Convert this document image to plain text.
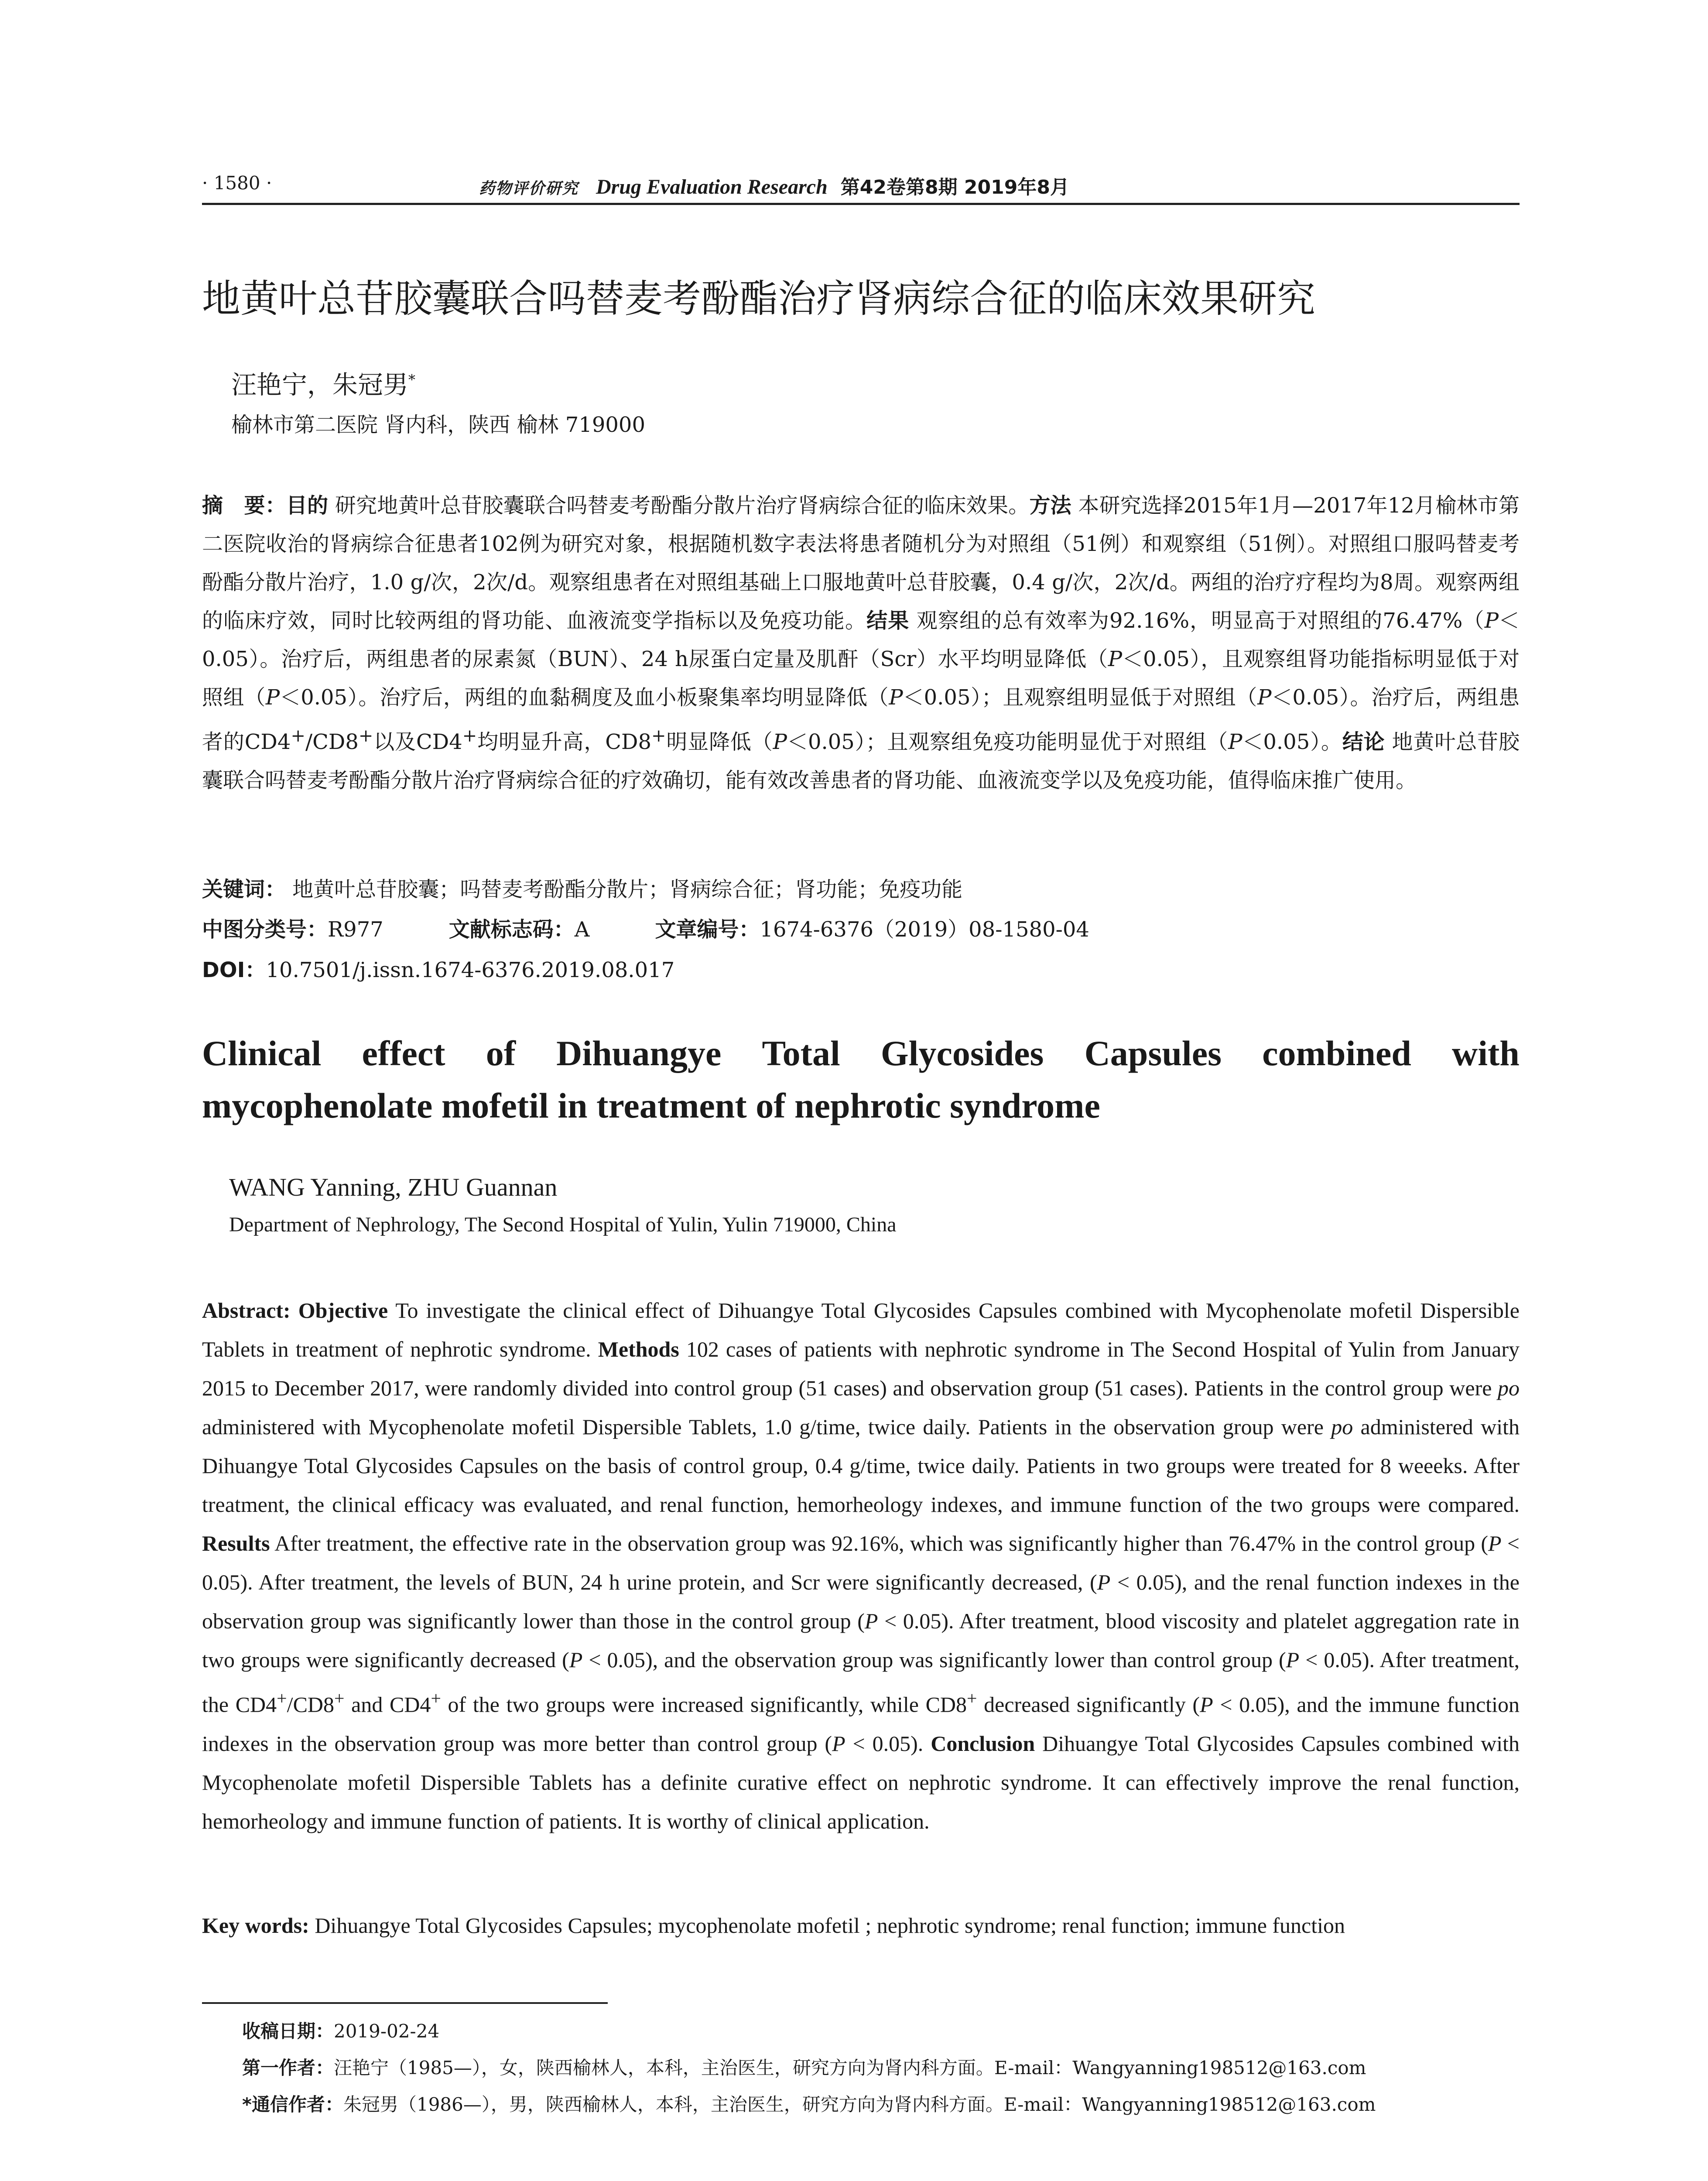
· 1580 ·	药物评价研究 Drug Evaluation Research 第42卷第8期 2019年8月
地黄叶总苷胶囊联合吗替麦考酚酯治疗肾病综合征的临床效果研究
汪艳宁，朱冠男*
榆林市第二医院 肾内科，陕西 榆林 719000
摘　要：目的 研究地黄叶总苷胶囊联合吗替麦考酚酯分散片治疗肾病综合征的临床效果。方法 本研究选择2015年1月—2017年12月榆林市第二医院收治的肾病综合征患者102例为研究对象，根据随机数字表法将患者随机分为对照组（51例）和观察组（51例）。对照组口服吗替麦考酚酯分散片治疗，1.0 g/次，2次/d。观察组患者在对照组基础上口服地黄叶总苷胶囊，0.4 g/次，2次/d。两组的治疗疗程均为8周。观察两组的临床疗效，同时比较两组的肾功能、血液流变学指标以及免疫功能。结果 观察组的总有效率为92.16%，明显高于对照组的76.47%（P＜0.05）。治疗后，两组患者的尿素氮（BUN）、24 h尿蛋白定量及肌酐（Scr）水平均明显降低（P＜0.05），且观察组肾功能指标明显低于对照组（P＜0.05）。治疗后，两组的血黏稠度及血小板聚集率均明显降低（P＜0.05）；且观察组明显低于对照组（P＜0.05）。治疗后，两组患者的CD4+/CD8+以及CD4+均明显升高，CD8+明显降低（P＜0.05）；且观察组免疫功能明显优于对照组（P＜0.05）。结论 地黄叶总苷胶囊联合吗替麦考酚酯分散片治疗肾病综合征的疗效确切，能有效改善患者的肾功能、血液流变学以及免疫功能，值得临床推广使用。
关键词： 地黄叶总苷胶囊；吗替麦考酚酯分散片；肾病综合征；肾功能；免疫功能
中图分类号：R977	文献标志码：A	文章编号：1674-6376（2019）08-1580-04
DOI：10.7501/j.issn.1674-6376.2019.08.017
Clinical effect of Dihuangye Total Glycosides Capsules combined with
mycophenolate mofetil in treatment of nephrotic syndrome
WANG Yanning, ZHU Guannan
Department of Nephrology, The Second Hospital of Yulin, Yulin 719000, China
Abstract: Objective To investigate the clinical effect of Dihuangye Total Glycosides Capsules combined with Mycophenolate mofetil Dispersible Tablets in treatment of nephrotic syndrome. Methods 102 cases of patients with nephrotic syndrome in The Second Hospital of Yulin from January 2015 to December 2017, were randomly divided into control group (51 cases) and observation group (51 cases). Patients in the control group were po administered with Mycophenolate mofetil Dispersible Tablets, 1.0 g/time, twice daily. Patients in the observation group were po administered with Dihuangye Total Glycosides Capsules on the basis of control group, 0.4 g/time, twice daily. Patients in two groups were treated for 8 weeeks. After treatment, the clinical efficacy was evaluated, and renal function, hemorheology indexes, and immune function of the two groups were compared. Results After treatment, the effective rate in the observation group was 92.16%, which was significantly higher than 76.47% in the control group (P < 0.05). After treatment, the levels of BUN, 24 h urine protein, and Scr were significantly decreased, (P < 0.05), and the renal function indexes in the observation group was significantly lower than those in the control group (P < 0.05). After treatment, blood viscosity and platelet aggregation rate in two groups were significantly decreased (P < 0.05), and the observation group was significantly lower than control group (P < 0.05). After treatment, the CD4+/CD8+ and CD4+ of the two groups were increased significantly, while CD8+ decreased significantly (P < 0.05), and the immune function indexes in the observation group was more better than control group (P < 0.05). Conclusion Dihuangye Total Glycosides Capsules combined with Mycophenolate mofetil Dispersible Tablets has a definite curative effect on nephrotic syndrome. It can effectively improve the renal function, hemorheology and immune function of patients. It is worthy of clinical application.
Key words: Dihuangye Total Glycosides Capsules; mycophenolate mofetil ; nephrotic syndrome; renal function; immune function
收稿日期：2019-02-24
第一作者：汪艳宁（1985—），女，陕西榆林人，本科，主治医生，研究方向为肾内科方面。E-mail：Wangyanning198512@163.com
*通信作者：朱冠男（1986—），男，陕西榆林人，本科，主治医生，研究方向为肾内科方面。E-mail：Wangyanning198512@163.com
